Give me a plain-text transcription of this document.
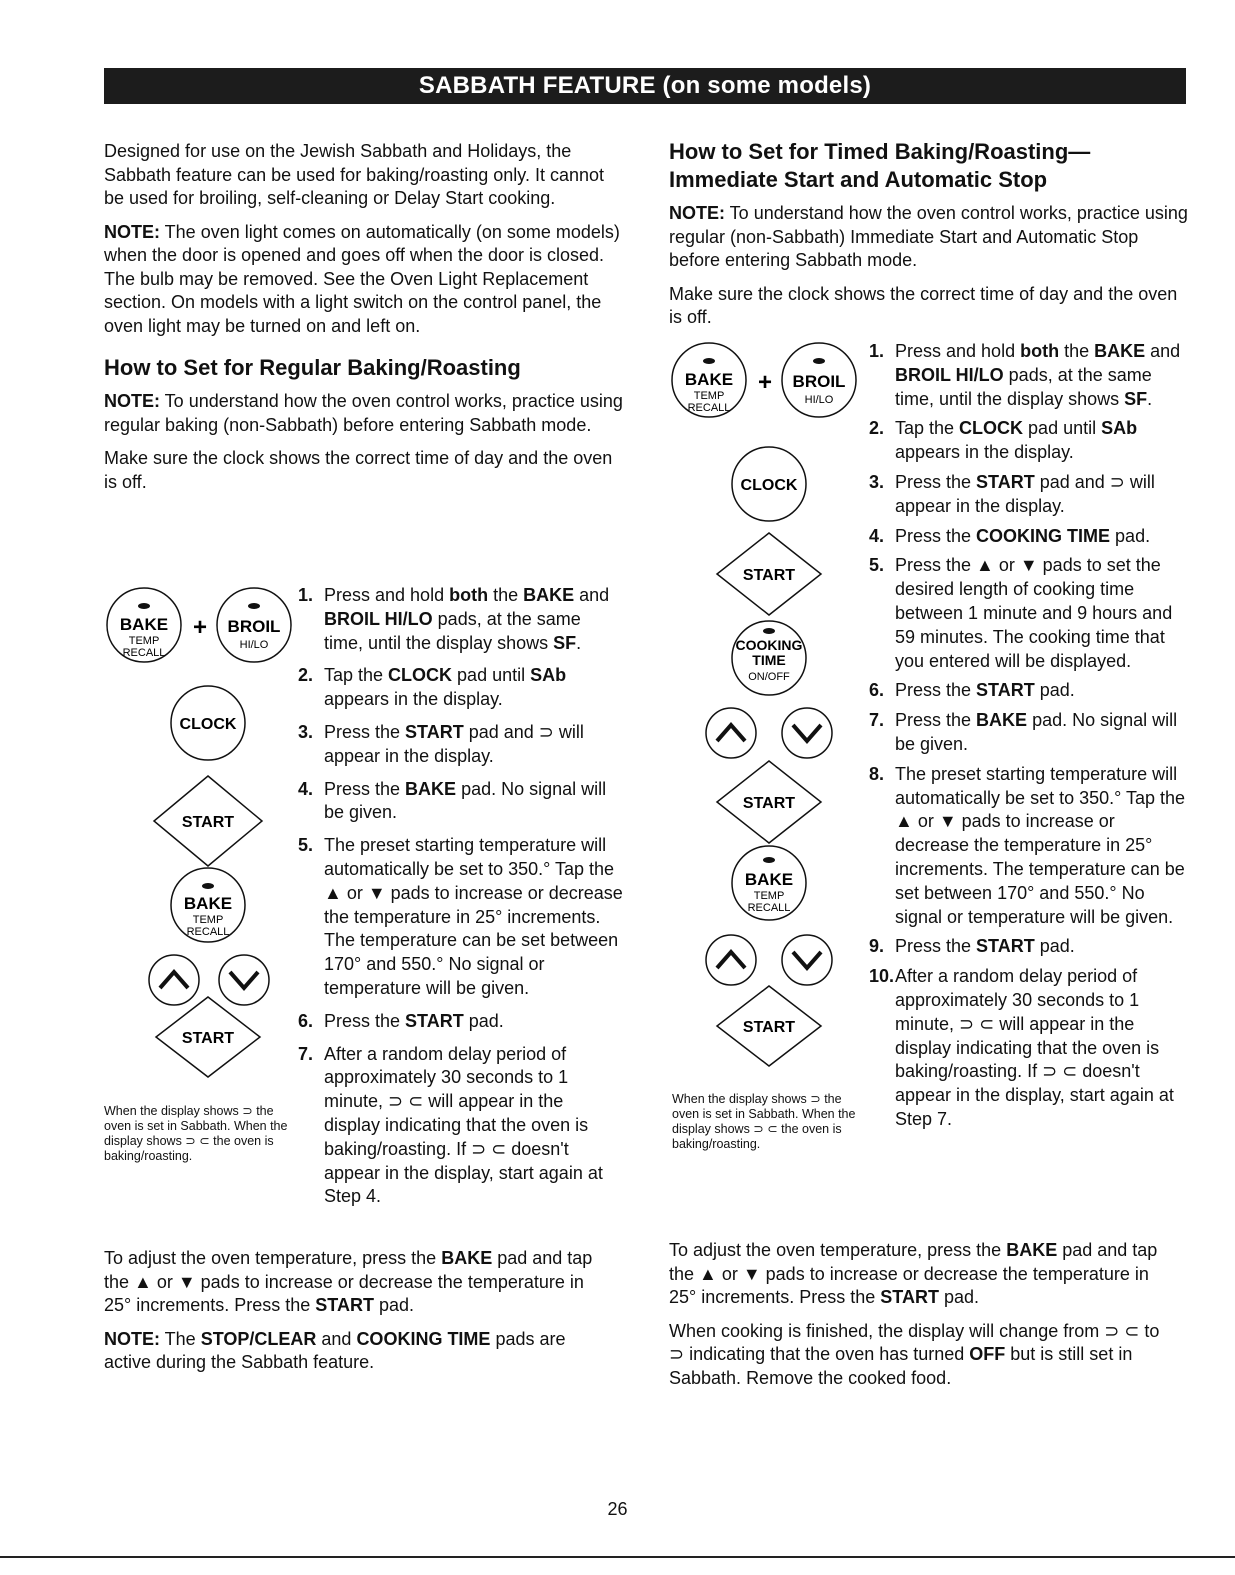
SABBATH FEATURE (on some models)

Designed for use on the Jewish Sabbath and Holidays, the Sabbath feature can be used for baking/roasting only. It cannot be used for broiling, self-cleaning or Delay Start cooking.

NOTE: The oven light comes on automatically (on some models) when the door is opened and goes off when the door is closed. The bulb may be removed. See the Oven Light Replacement section. On models with a light switch on the control panel, the oven light may be turned on and left on.

How to Set for Regular Baking/Roasting

NOTE: To understand how the oven control works, practice using regular baking (non-Sabbath) before entering Sabbath mode.

Make sure the clock shows the correct time of day and the oven is off.

BAKE
TEMP
RECALL
+ BROIL
HI/LO
CLOCK
START
BAKE
TEMP
RECALL
START
When the display shows ⊃ the oven is set in Sabbath. When the display shows ⊃ ⊂ the oven is baking/roasting.
1. Press and hold both the BAKE and BROIL HI/LO pads, at the same time, until the display shows SF.
2. Tap the CLOCK pad until SAb appears in the display.
3. Press the START pad and ⊃ will appear in the display.
4. Press the BAKE pad. No signal will be given.
5. The preset starting temperature will automatically be set to 350.° Tap the ▲ or ▼ pads to increase or decrease the temperature in 25° increments. The temperature can be set between 170° and 550.° No signal or temperature will be given.
6. Press the START pad.
7. After a random delay period of approximately 30 seconds to 1 minute, ⊃ ⊂ will appear in the display indicating that the oven is baking/roasting. If ⊃ ⊂ doesn't appear in the display, start again at Step 4.

To adjust the oven temperature, press the BAKE pad and tap the ▲ or ▼ pads to increase or decrease the temperature in 25° increments. Press the START pad.

NOTE: The STOP/CLEAR and COOKING TIME pads are active during the Sabbath feature.

How to Set for Timed Baking/Roasting— Immediate Start and Automatic Stop

NOTE: To understand how the oven control works, practice using regular (non-Sabbath) Immediate Start and Automatic Stop before entering Sabbath mode.

Make sure the clock shows the correct time of day and the oven is off.

BAKE
TEMP
RECALL
+ BROIL
HI/LO
CLOCK
START
COOKING
TIME
ON/OFF
START
BAKE
TEMP
RECALL
START
When the display shows ⊃ the oven is set in Sabbath. When the display shows ⊃ ⊂ the oven is baking/roasting.
1. Press and hold both the BAKE and BROIL HI/LO pads, at the same time, until the display shows SF.
2. Tap the CLOCK pad until SAb appears in the display.
3. Press the START pad and ⊃ will appear in the display.
4. Press the COOKING TIME pad.
5. Press the ▲ or ▼ pads to set the desired length of cooking time between 1 minute and 9 hours and 59 minutes. The cooking time that you entered will be displayed.
6. Press the START pad.
7. Press the BAKE pad. No signal will be given.
8. The preset starting temperature will automatically be set to 350.° Tap the ▲ or ▼ pads to increase or decrease the temperature in 25° increments. The temperature can be set between 170° and 550.° No signal or temperature will be given.
9. Press the START pad.
10. After a random delay period of approximately 30 seconds to 1 minute, ⊃ ⊂ will appear in the display indicating that the oven is baking/roasting. If ⊃ ⊂ doesn't appear in the display, start again at Step 7.

To adjust the oven temperature, press the BAKE pad and tap the ▲ or ▼ pads to increase or decrease the temperature in 25° increments. Press the START pad.

When cooking is finished, the display will change from ⊃ ⊂ to ⊃ indicating that the oven has turned OFF but is still set in Sabbath. Remove the cooked food.

26
